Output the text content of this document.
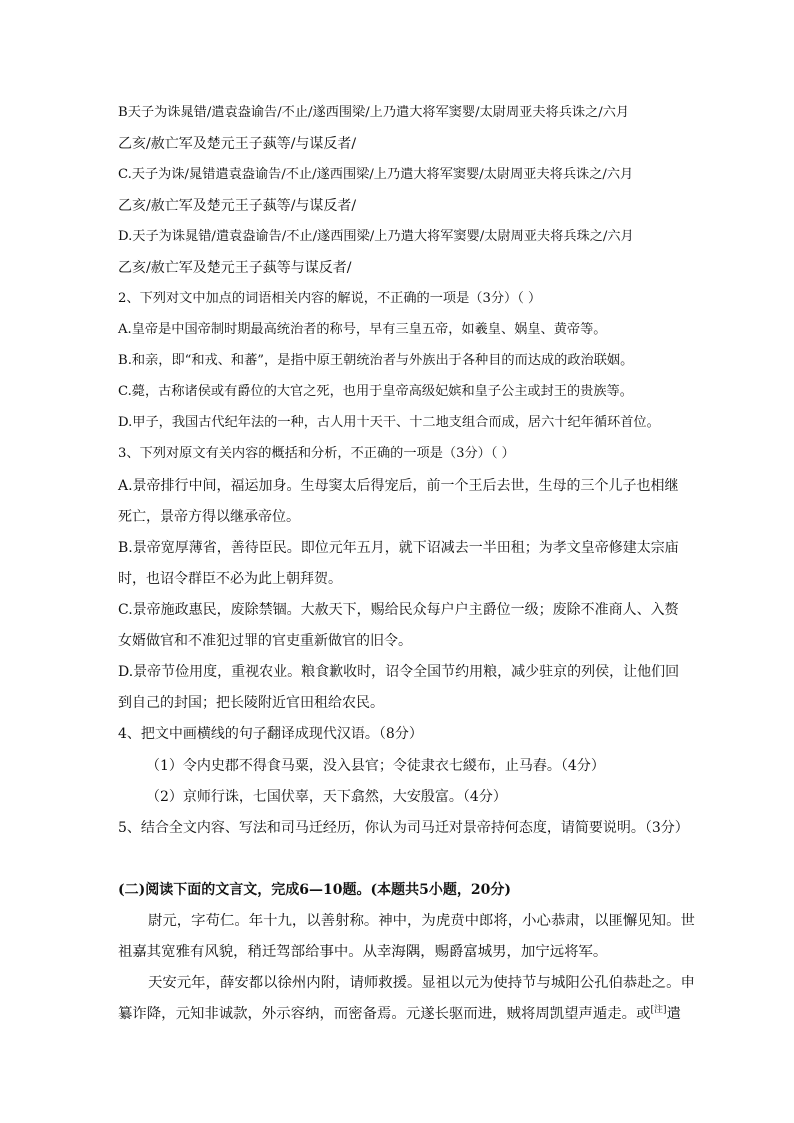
B天子为诛晁错/遣袁盎谕告/不止/遂西围梁/上乃遣大将军窦婴/太尉周亚夫将兵诛之/六月
乙亥/赦亡军及楚元王子蓺等/与谋反者/
C.天子为诛/晁错遣袁盎谕告/不止/遂西围梁/上乃遣大将军窦婴/太尉周亚夫将兵诛之/六月
乙亥/赦亡军及楚元王子蓺等/与谋反者/
D.天子为诛晁错/遣袁盎谕告/不止/遂西围梁/上乃遣大将军窦婴/太尉周亚夫将兵珠之/六月
乙亥/赦亡军及楚元王子蓺等与谋反者/
2、下列对文中加点的词语相关内容的解说，不正确的一项是（3分）（ ）
A.皇帝是中国帝制时期最高统治者的称号，早有三皇五帝，如羲皇、娲皇、黄帝等。
B.和亲，即“和戎、和蕃”，是指中原王朝统治者与外族出于各种目的而达成的政治联姻。
C.薨，古称诸侯或有爵位的大官之死，也用于皇帝高级妃嫔和皇子公主或封王的贵族等。
D.甲子，我国古代纪年法的一种，古人用十天干、十二地支组合而成，居六十纪年循环首位。
3、下列对原文有关内容的概括和分析，不正确的一项是（3分）（ ）
A.景帝排行中间，福运加身。生母窦太后得宠后，前一个王后去世，生母的三个儿子也相继
死亡，景帝方得以继承帝位。
B.景帝宽厚薄省，善待臣民。即位元年五月，就下诏减去一半田租；为孝文皇帝修建太宗庙
时，也诏令群臣不必为此上朝拜贺。
C.景帝施政惠民，废除禁锢。大赦天下，赐给民众每户户主爵位一级；废除不准商人、入赘
女婿做官和不准犯过罪的官吏重新做官的旧令。
D.景帝节俭用度，重视农业。粮食歉收时，诏令全国节约用粮，减少驻京的列侯，让他们回
到自己的封国；把长陵附近官田租给农民。
4、把文中画横线的句子翻译成现代汉语。（8分）
（1）令内史郡不得食马粟，没入县官；令徒隶衣七緵布，止马舂。（4分）
（2）京师行诛，七国伏辜，天下翕然，大安殷富。（4分）
5、结合全文内容、写法和司马迁经历，你认为司马迁对景帝持何态度，请简要说明。（3分）
(二)阅读下面的文言文，完成6—10题。(本题共5小题，20分)
尉元，字苟仁。年十九，以善射称。神中，为虎贲中郎将，小心恭肃，以匪懈见知。世
祖嘉其宽雅有风貌，稍迁驾部给事中。从幸海隅，赐爵富城男，加宁远将军。
天安元年，薛安都以徐州内附，请师救援。显祖以元为使持节与城阳公孔伯恭赴之。申
纂诈降，元知非诚款，外示容纳，而密备焉。元遂长驱而进，贼将周凯望声遁走。或[注]遣
